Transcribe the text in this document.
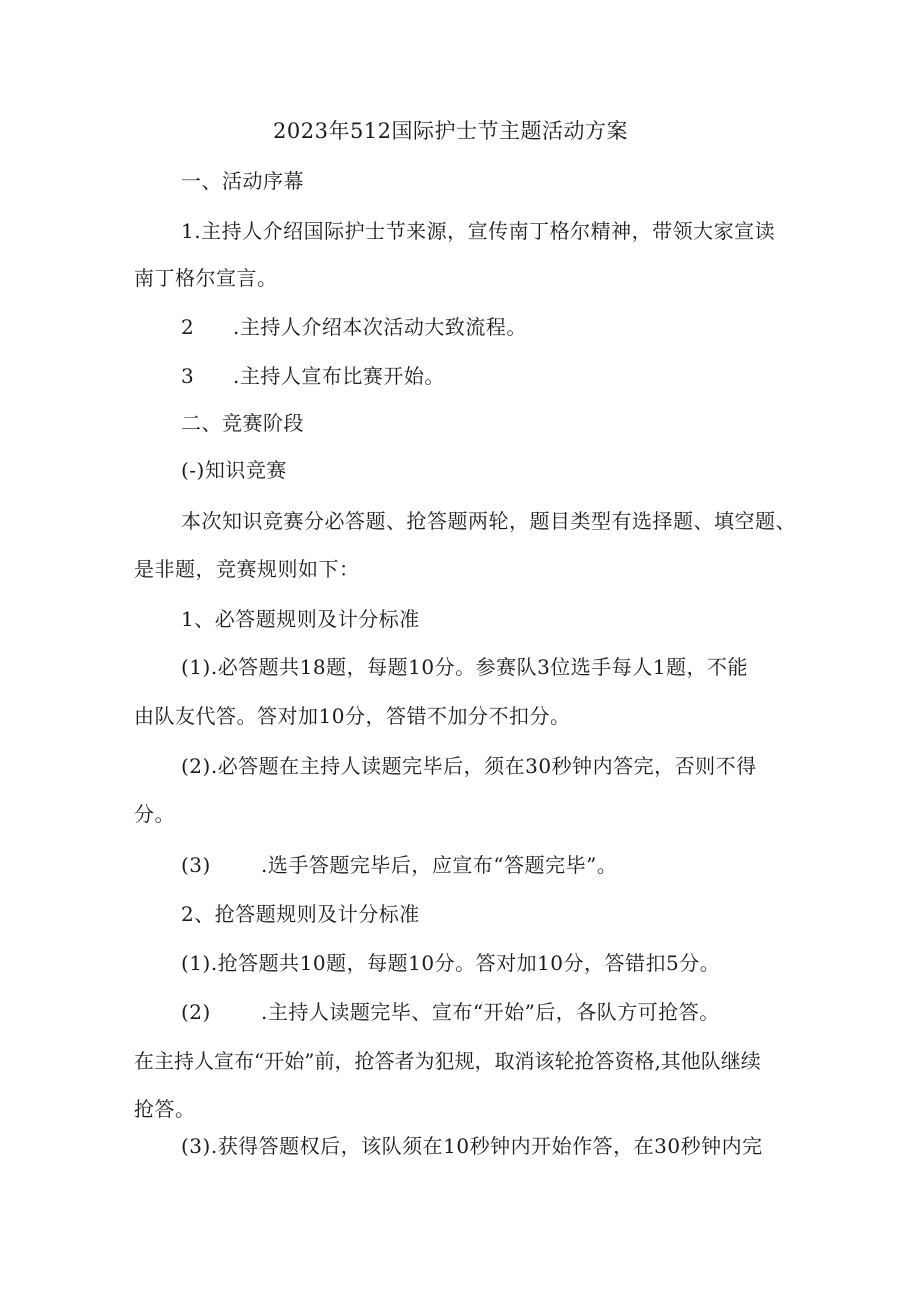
2023年512国际护士节主题活动方案
一、活动序幕
1.主持人介绍国际护士节来源，宣传南丁格尔精神，带领大家宣读
南丁格尔宣言。
2 .主持人介绍本次活动大致流程。
3 .主持人宣布比赛开始。
二、竞赛阶段
(-)知识竞赛
本次知识竞赛分必答题、抢答题两轮，题目类型有选择题、填空题、
是非题，竞赛规则如下：
1、必答题规则及计分标准
(1).必答题共18题，每题10分。参赛队3位选手每人1题，不能
由队友代答。答对加10分，答错不加分不扣分。
(2).必答题在主持人读题完毕后，须在30秒钟内答完，否则不得
分。
(3)	.选手答题完毕后，应宣布“答题完毕”。
2、抢答题规则及计分标准
(1).抢答题共10题，每题10分。答对加10分，答错扣5分。
(2)	.主持人读题完毕、宣布“开始”后，各队方可抢答。
在主持人宣布“开始”前，抢答者为犯规，取消该轮抢答资格,其他队继续
抢答。
(3).获得答题权后，该队须在10秒钟内开始作答，在30秒钟内完
